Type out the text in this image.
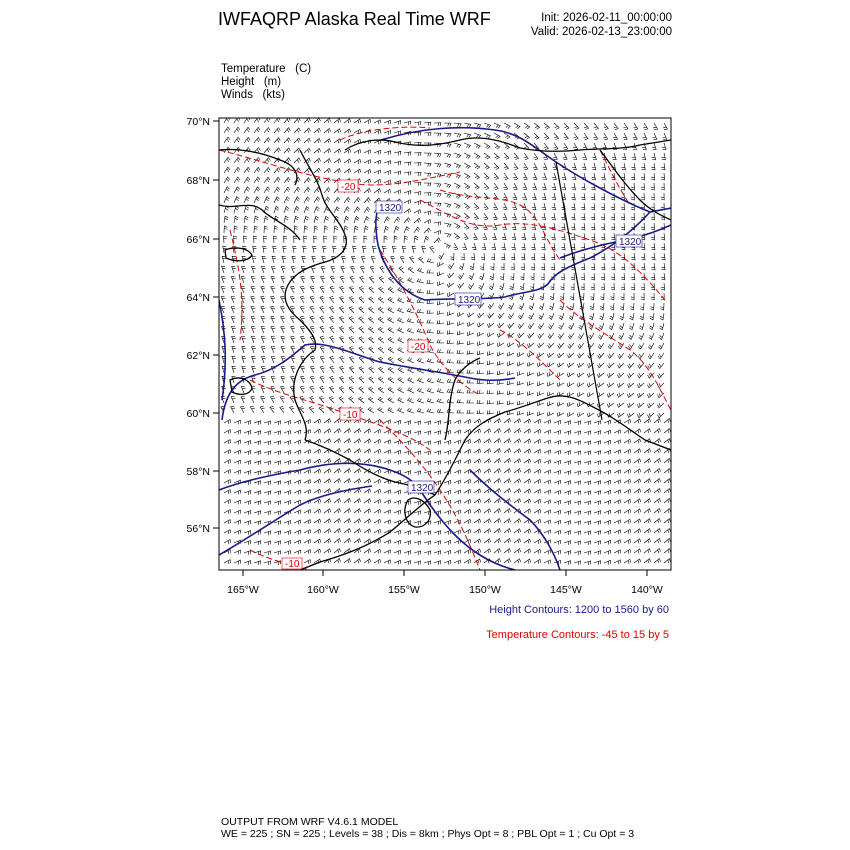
IWFAQRP Alaska Real Time WRF	Init: 2026-02-11_00:00:00
Valid: 2026-02-13_23:00:00
Temperature (C)
Height (m)
Winds (kts)
70°N
68°N
66°N
64°N
62°N
60°N
58°N
56°N
165°W	160°W	155°W	150°W	145°W	140°W
1320
1320
1320
1320
-20
-20
-10
-10
Height Contours: 1200 to 1560 by 60
Temperature Contours: -45 to 15 by 5
OUTPUT FROM WRF V4.6.1 MODEL
WE = 225 ; SN = 225 ; Levels = 38 ; Dis = 8km ; Phys Opt = 8 ; PBL Opt = 1 ; Cu Opt = 3
